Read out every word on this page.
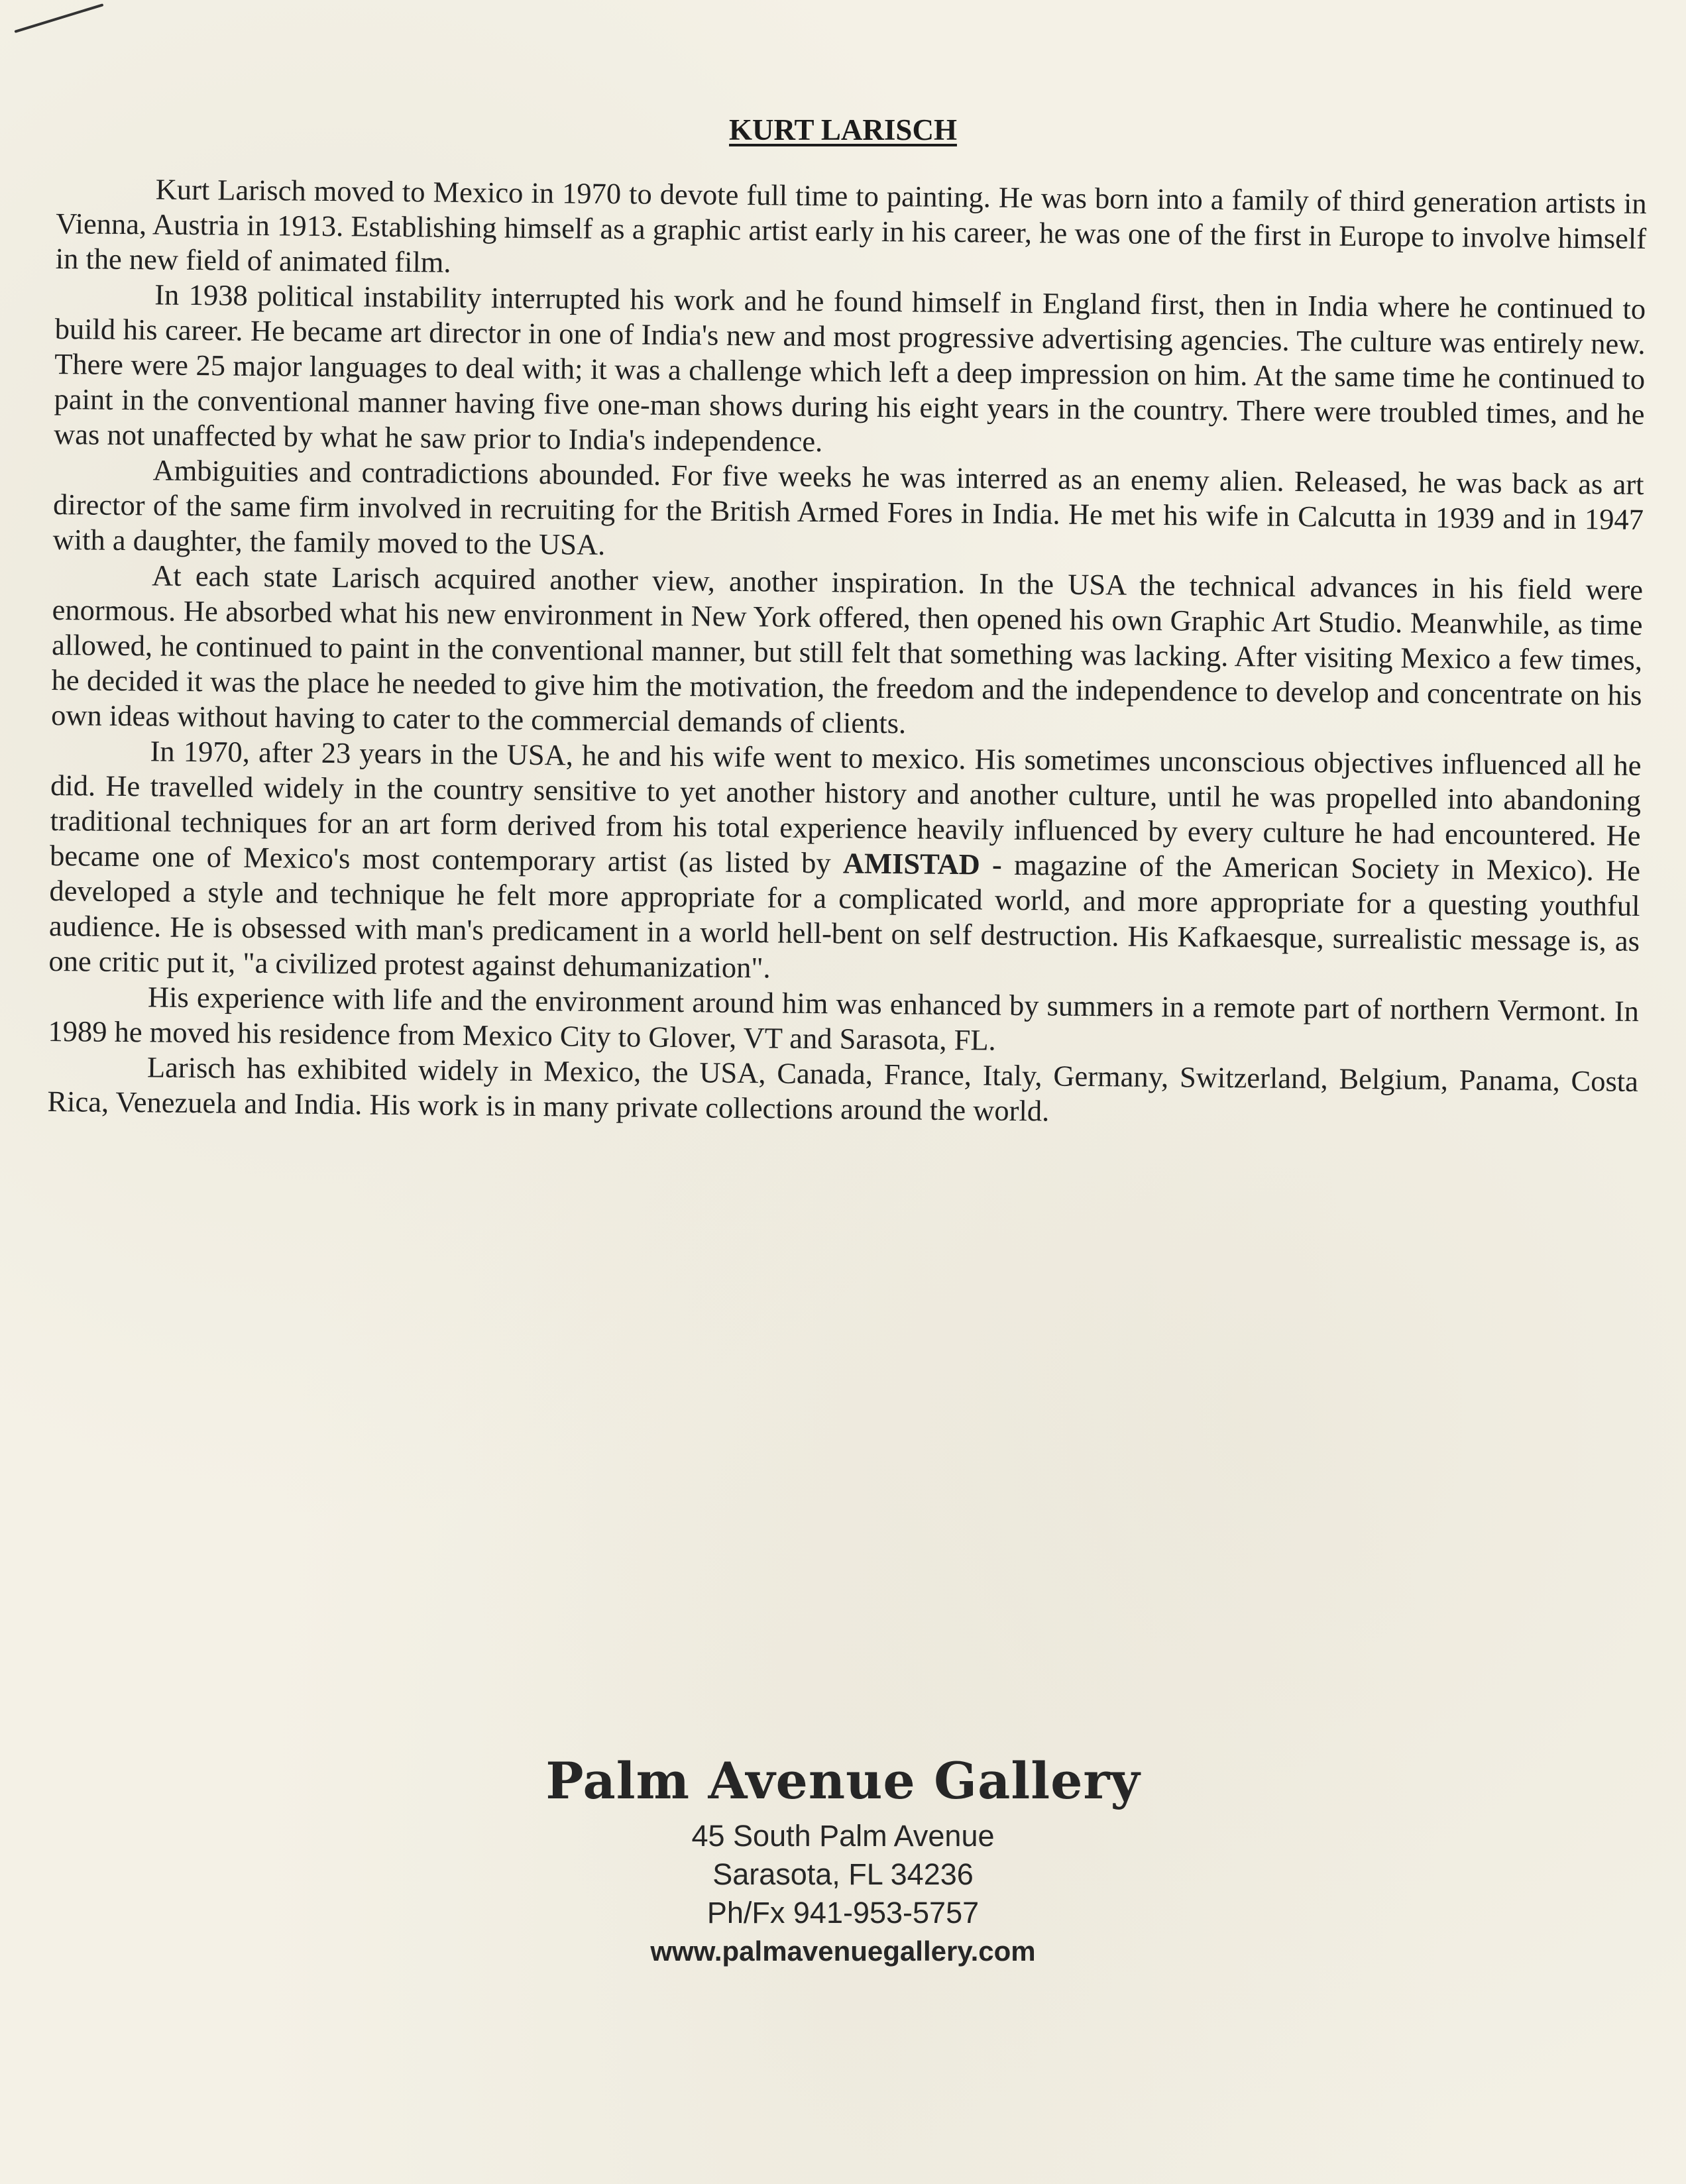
KURT LARISCH

Kurt Larisch moved to Mexico in 1970 to devote full time to painting. He was born into a family of third generation artists in Vienna, Austria in 1913. Establishing himself as a graphic artist early in his career, he was one of the first in Europe to involve himself in the new field of animated film.

In 1938 political instability interrupted his work and he found himself in England first, then in India where he continued to build his career. He became art director in one of India's new and most progressive advertising agencies. The culture was entirely new. There were 25 major languages to deal with; it was a challenge which left a deep impression on him. At the same time he continued to paint in the conventional manner having five one-man shows during his eight years in the country. There were troubled times, and he was not unaffected by what he saw prior to India's independence.

Ambiguities and contradictions abounded. For five weeks he was interred as an enemy alien. Released, he was back as art director of the same firm involved in recruiting for the British Armed Fores in India. He met his wife in Calcutta in 1939 and in 1947 with a daughter, the family moved to the USA.

At each state Larisch acquired another view, another inspiration. In the USA the technical advances in his field were enormous. He absorbed what his new environment in New York offered, then opened his own Graphic Art Studio. Meanwhile, as time allowed, he continued to paint in the conventional manner, but still felt that something was lacking. After visiting Mexico a few times, he decided it was the place he needed to give him the motivation, the freedom and the independence to develop and concentrate on his own ideas without having to cater to the commercial demands of clients.

In 1970, after 23 years in the USA, he and his wife went to mexico. His sometimes unconscious objectives influenced all he did. He travelled widely in the country sensitive to yet another history and another culture, until he was propelled into abandoning traditional techniques for an art form derived from his total experience heavily influenced by every culture he had encountered. He became one of Mexico's most contemporary artist (as listed by AMISTAD - magazine of the American Society in Mexico). He developed a style and technique he felt more appropriate for a complicated world, and more appropriate for a questing youthful audience. He is obsessed with man's predicament in a world hell-bent on self destruction. His Kafkaesque, surrealistic message is, as one critic put it, "a civilized protest against dehumanization".

His experience with life and the environment around him was enhanced by summers in a remote part of northern Vermont. In 1989 he moved his residence from Mexico City to Glover, VT and Sarasota, FL.

Larisch has exhibited widely in Mexico, the USA, Canada, France, Italy, Germany, Switzerland, Belgium, Panama, Costa Rica, Venezuela and India. His work is in many private collections around the world.

Palm Avenue Gallery
45 South Palm Avenue
Sarasota, FL 34236
Ph/Fx 941-953-5757
www.palmavenuegallery.com
